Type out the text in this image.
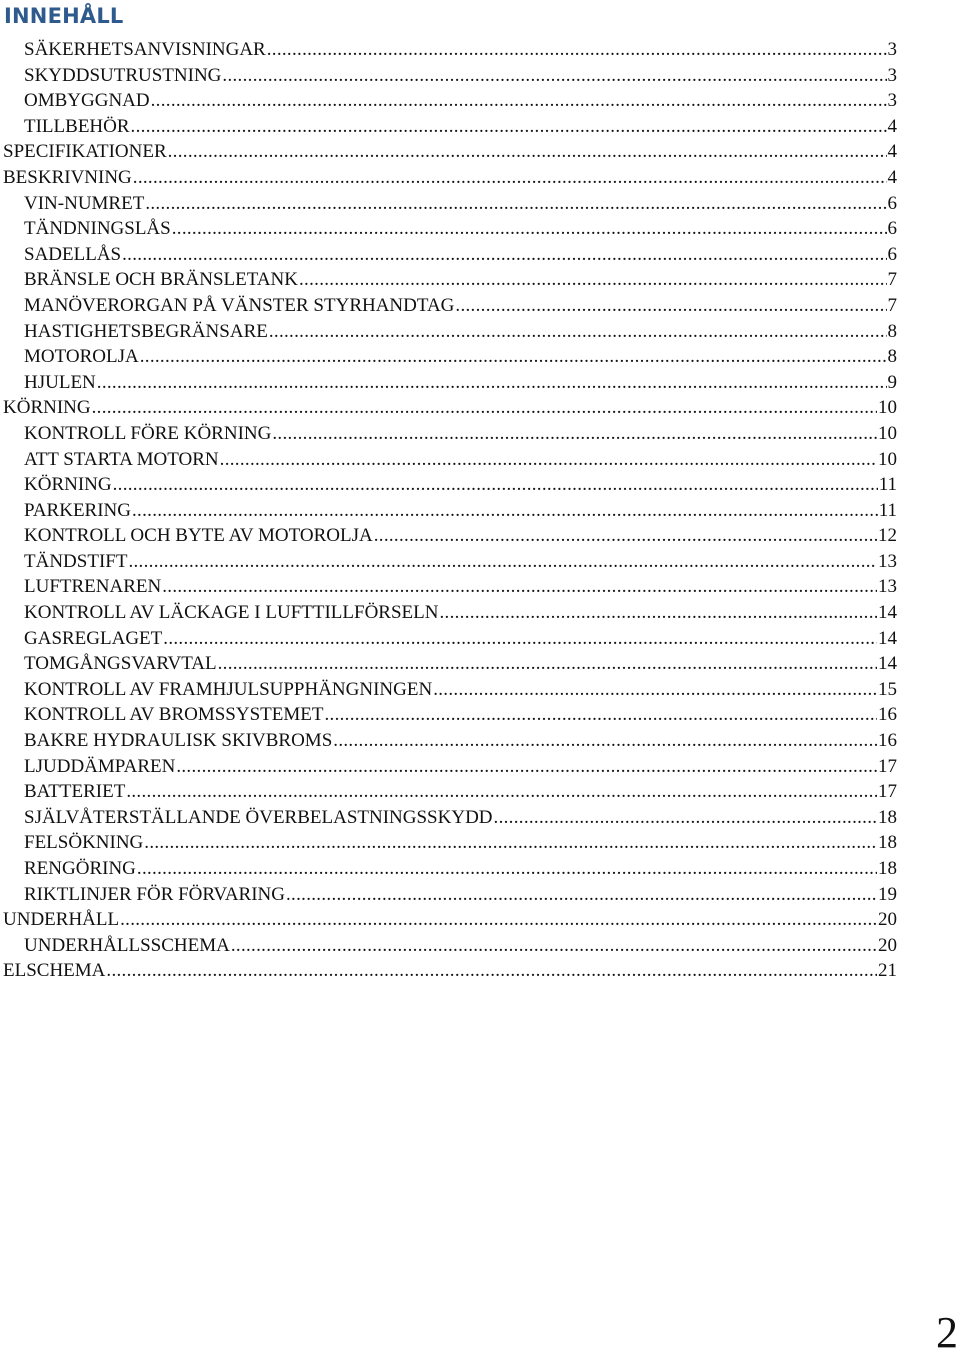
INNEHÅLL
SÄKERHETSANVISNINGAR .....	3
SKYDDSUTRUSTNING .....	3
OMBYGGNAD .....	3
TILLBEHÖR .....	4
SPECIFIKATIONER .....	4
BESKRIVNING .....	4
VIN-NUMRET .....	6
TÄNDNINGSLÅS .....	6
SADELLÅS .....	6
BRÄNSLE OCH BRÄNSLETANK .....	7
MANÖVERORGAN PÅ VÄNSTER STYRHANDTAG .....	7
HASTIGHETSBEGRÄNSARE .....	8
MOTOROLJA .....	8
HJULEN .....	9
KÖRNING .....	10
KONTROLL FÖRE KÖRNING .....	10
ATT STARTA MOTORN .....	10
KÖRNING .....	11
PARKERING .....	11
KONTROLL OCH BYTE AV MOTOROLJA .....	12
TÄNDSTIFT .....	13
LUFTRENAREN .....	13
KONTROLL AV LÄCKAGE I LUFTTILLFÖRSELN .....	14
GASREGLAGET .....	14
TOMGÅNGSVARVTAL .....	14
KONTROLL AV FRAMHJULSUPPHÄNGNINGEN .....	15
KONTROLL AV BROMSSYSTEMET .....	16
BAKRE HYDRAULISK SKIVBROMS .....	16
LJUDDÄMPAREN .....	17
BATTERIET .....	17
SJÄLVÅTERSTÄLLANDE ÖVERBELASTNINGSSKYDD .....	18
FELSÖKNING .....	18
RENGÖRING .....	18
RIKTLINJER FÖR FÖRVARING .....	19
UNDERHÅLL .....	20
UNDERHÅLLSSCHEMA .....	20
ELSCHEMA .....	21

2
